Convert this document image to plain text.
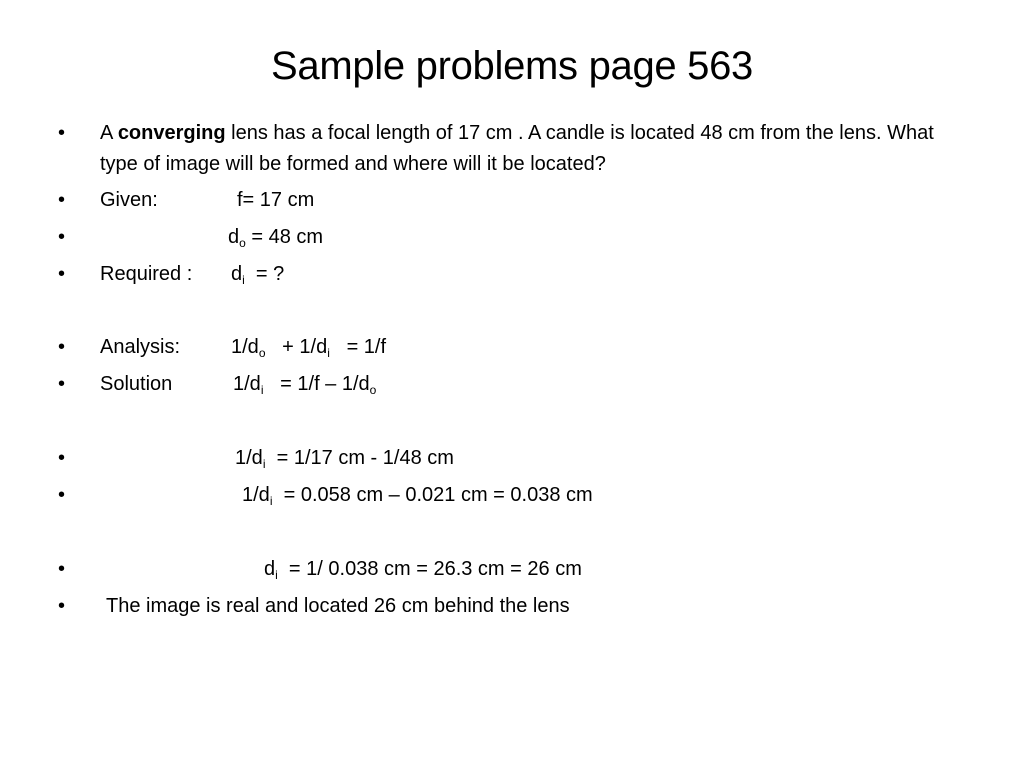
Sample problems page 563
• A converging lens has a focal length of 17 cm . A candle is located 48 cm from the lens. What type of image will be formed and where will it be located?
• Given:	f= 17 cm
•	$d_o = 48$ cm
• Required : $d_i$ = ?
• Analysis:	$1/d_o + 1/d_i = 1/f$
• Solution	$1/d_i = 1/f - 1/d_o$
•	$1/d_i = 1/17$ cm - 1/48 cm
•	$1/d_i = 0.058$ cm – 0.021 cm = 0.038 cm
•	$d_i = 1/$ 0.038 cm = 26.3 cm = 26 cm
• The image is real and located 26 cm behind the lens
